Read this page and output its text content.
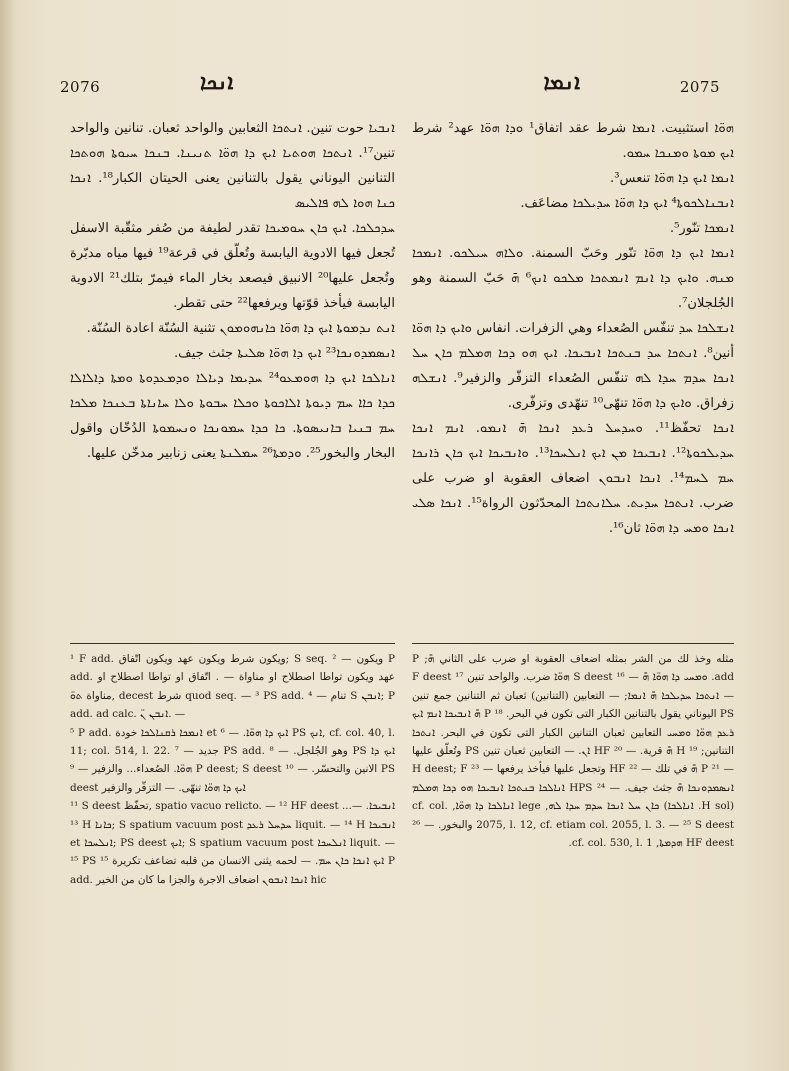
2076	ܐܢܟܐ	ܐܢܡܐ	2075

ܐܢܒܝܐ حوت تنين. ܐܢܬܟܐ الثعابين والواحد ثعبان. تنانين والواحد تنين¹⁷. ܐܢܬܟܐ ܗܘܬܝܐ ܐܝܟ ܕܐ ܗܘ̈ܐ ܬܢܝܢܐ. ܒܢܟܐ ܚܝܘܬܐ ܗܘܬܟܐ التنانين اليوناني يقول بالتنانين يعنى الحيتان الكبار¹⁸. ܐܢܟܐ ܟܢܐ ܗܘܐ ܠܗ ܦܐܠܝܣ

ܚܕܟܠܟܐ. ܐܝܟ ܟܐܢ ܚܘܡܝܟܐ تقدر لطيفة من صُفر مثقّبة الاسفل تُجعل فيها الادوية اليابسة وتُعلّق في قرعة¹⁹ فيها مياه مدبّرة وتُجعل عليها²⁰ الانبيق فيصعد بخار الماء فيمرّ بتلك²¹ الادوية اليابسة فيأخذ قوّتها ويرفعها²² حتى تقطر.

ܐܢܬ ܢܕܡܘܬܐ ܐܝܟ ܕܐ ܗܘ̈ܐ ܟܐܢܗܘܡܘܢ تثنية السُنّة اعادة السُنّة.

ܐܢܣܡܕܘܢܟܐ²³ ܐܝܟ ܕܐ ܗܘ̈ܐ ܣܠܝܬܐ جثث جيف.

ܐܢܐܠܟܐ ܐܝܟ ܕܐ ܗܘܡܥܘ²⁴ ܚܕܝܡܐ ܕܝܐܠܐ ܘܕܡܥܕܘܬܐ ܘܡܬܐ ܕܐܠܐܠܐ ܟܕܐ ܟܐܐ ܚܡ ܕܝܘܬܐ ܐܠܐܟܘܬܐ ܘܟܠܐ ܚܒܘܬܐ ܘܠܐ ܚܐܢܐܬܐ ܒܥܢܟܐ ܡܠܟܐ ܚܡ ܒܢܝܐ ܒܐܢܝܣܘܬܐ. ܟܐ ܟܕܐ ܚܡܘܢܟܐ ܘܢܚܡܘܬܐ الدُخّان واقول البخار والبخور²⁵. ܘܕܡܬܐ²⁶ ܚܡܠܢܬܐ يعنى زنابير مدخّن عليها.

ܗܘ̈ܐ استثبيت. ܐܢܡܐ شرط عقد اتفاق¹ ܘܕܐ ܗܘ̈ܐ عهد² شرط ܐܝܟ ܡܘܬܐ ܘܡܢܟܐ ܚܡܘ.

ܐܢܡܐ ܐܝܟ ܕܐ ܗܘ̈ܐ تنعس³.

ܐܢܒܢܐܠܟܘܬܐ⁴ ܐܝܟ ܕܐ ܗܘ̈ܐ ܚܕܝܠܟܐ مضاعَف.

ܐܢܡܟܐ تنّور⁵.

ܐܢܡܐ ܐܝܟ ܕܐ ܗܘ̈ܐ تنّور وحَبّ السمنة. ܘܠܐܗ ܚܝܠܟܘ. ܐܢܡܟܐ ܡܢܗ. ܘܐܝܟ ܕܐ ܐܢܡ ܐܢܡܬܟܐ ܡܠܟܘ ܐܢܟ⁶ ܗ̄ حَبّ السمنة وهو الجُلجلان⁷.

ܐܢܫܠܟܐ ܚܕ تنفّس الصُعداء وهي الزفرات. انفاس ܘܐܝܟ ܕܐ ܗܘ̈ܐ أنين⁸. ܐܢܬܟܐ ܚܕ ܒܢܬܟܐ ܐܢܒܝܟܐ. ܐܝܟ ܗܘ ܕܟܐ ܗܡܠܡ ܟܐܢ ܚܠ ܐܢܟܐ ܚܕܡ ܚܕܐ ܠܗ تنفّس الصُعداء التزفّر والزفير⁹. ܐܢܫܠܗ زفراق. ܘܐܝܟ ܕܐ ܗܘ̈ܐ تنهّى¹⁰ تنهّدى وتزفّرى.

ܐܢܟܐ تحفّظ¹¹. ܘܚܕܚܠ ܪܥܕ ܐܢܟܐ ܗ̄ ܐܢܡܘ. ܐܢܡ ܐܢܟܐ ܚܕܝܠܟܘܬܐ¹². ܐܢܒܝܟܐ ܡܢ ܐܝܟ ܐܢܠܚܟܐ¹³. ܘܐܢܒܝܟܐ ܐܝܟ ܟܐܢ ܪܐܢܟܐ ܚܡ ܠܚܡ¹⁴. ܐܢܟܐ ܐܢܒܘܢ اضعاف العقوبة او ضرب على ضرب. ܐܢܬܟܐ ܚܕܝܬ. ܚܠܐܢܬܟܐ المحدّثون الرواة¹⁵. ܐܢܟܐ ܣܠܝ ܐܢܟܐ ܘܡܚ ܕܐ ܗܘ̈ܐ ثان¹⁶.

¹ F add. ويكون شرط ويكون عهد ويكون اتّفاق; S seq. ويكون — ² P add. عهد ويكون تواطا اصطلاح او مناواة — . اتّفاق او تواطا اصطلاح او مناواة ܬܘ̈, decest شرط quod seq. — ³ PS add. تنام — ⁴ S ܐܢܒܢ; P add. ad calc. ܐܢܒܢ ܢ̈. —

⁵ P add. ܐܢܡܟܐ ܪܩܢܐܠܟܐ خودة et ܐܝܟ ܕܐ ܗܘ̈ܐ. — ⁶ PS ܐܢܟ, cf. col. 40, l. 11; col. 514, l. 22. جديد — ⁷ PS add. وهو الجُلجل. — ⁸ PS ܐܝܟ ܕܐ ܗܘ̈ܐ. الصُعداء... والزفير — ⁹ P deest; S deest الانين والتحسّر. — ¹⁰ PS deest ܐܝܟ ܕܐ ܗܘ̈ܐ تنهّى. — التزفّر والزفير

¹¹ S deest تحفّظ, spatio vacuo relicto. — ¹² HF deest ...ܐܢܒܝܟܐ. — ¹³ H ܟܐܢܐ; S spatium vacuum post ܚܕܚܠ ܪܥܕ liquit. — ¹⁴ H ܐܢܒܝܟܐ et ܐܢܠܚܟܐ; PS deest ܐܝܟ; S spatium vacuum post ܐܢܠܚܟܐ liquit. — ¹⁵ PS ܐܝܟ ܐܢܟܐ ܟܐܢ ܚܡ. — لحمه يثنى الانسان من قلبه تضاعف تكريرة ¹⁵ P add. ܐܢܟܐ ܐܢܒܘܢ اضعاف الاجرة والجزا ما كان من الخير hic

مثله وخذ لك من الشر بمثله اضعاف العقوبة او ضرب على الثاني ܗ̄; P add. ܘܡܚܝ ܕܐ ܗܘ̈ܐ ܗ̄ — ¹⁶ S deest ܗܘ̈ܐ ضرب. والواحد تنين F deest ¹⁷ — ܐܢܬܟܐ ܚܕܝܠܟܐ ܗ̄ ܐܢܡܐ; — التعابين (التنانين) ثعبان ثم التنانين جمع تنين PS اليوناني يقول بالتنانين الكبار التى تكون في البحر. ¹⁸ P ܗ̄ ܐܢܒܝܟܐ ܐܢܡ ܐܝܟ ܪܥܕ ܗܘ̈ܐ ܘܡܚܝ التعابين ثعبان التنانين الكبار التى تكون في البحر. ܐܢܬܟܐ التنانين; ¹⁹ H ܗ̄ قرية. — ²⁰ HF ܐܢ. — التعابين ثعبان تنين PS وتُعلّق عليها — ²¹ P ܗ̄ في تلك — ²² HF وتجعل عليها فيأخذ يرفعها — ²³ H deest; F ܐܢܣܡܕܘܢܟܐ ܗ̄ جثث جيف. — ²⁴ HPS ܐܢܐܠܟܐ ܒܢܬܟܐ ܐܢܒܝܟܐ ܗܘ ܕܟܐ ܗܡܠܡ (H sol. ܐܢܐܠܟܐ) ܟܐܢ ܚܠ ܐܢܟܐ ܚܕܡ ܚܕܐ ܠܗ, lege ܐܢܐܠܟܐ ܕܐ ܗܘ̈ܐ, cf. col. 2075, l. 12, cf. etiam col. 2055, l. 3. — ²⁵ S deest والبخور. — ²⁶ HF deest ܗܕܡܬܐ, cf. col. 530, l. 1.
